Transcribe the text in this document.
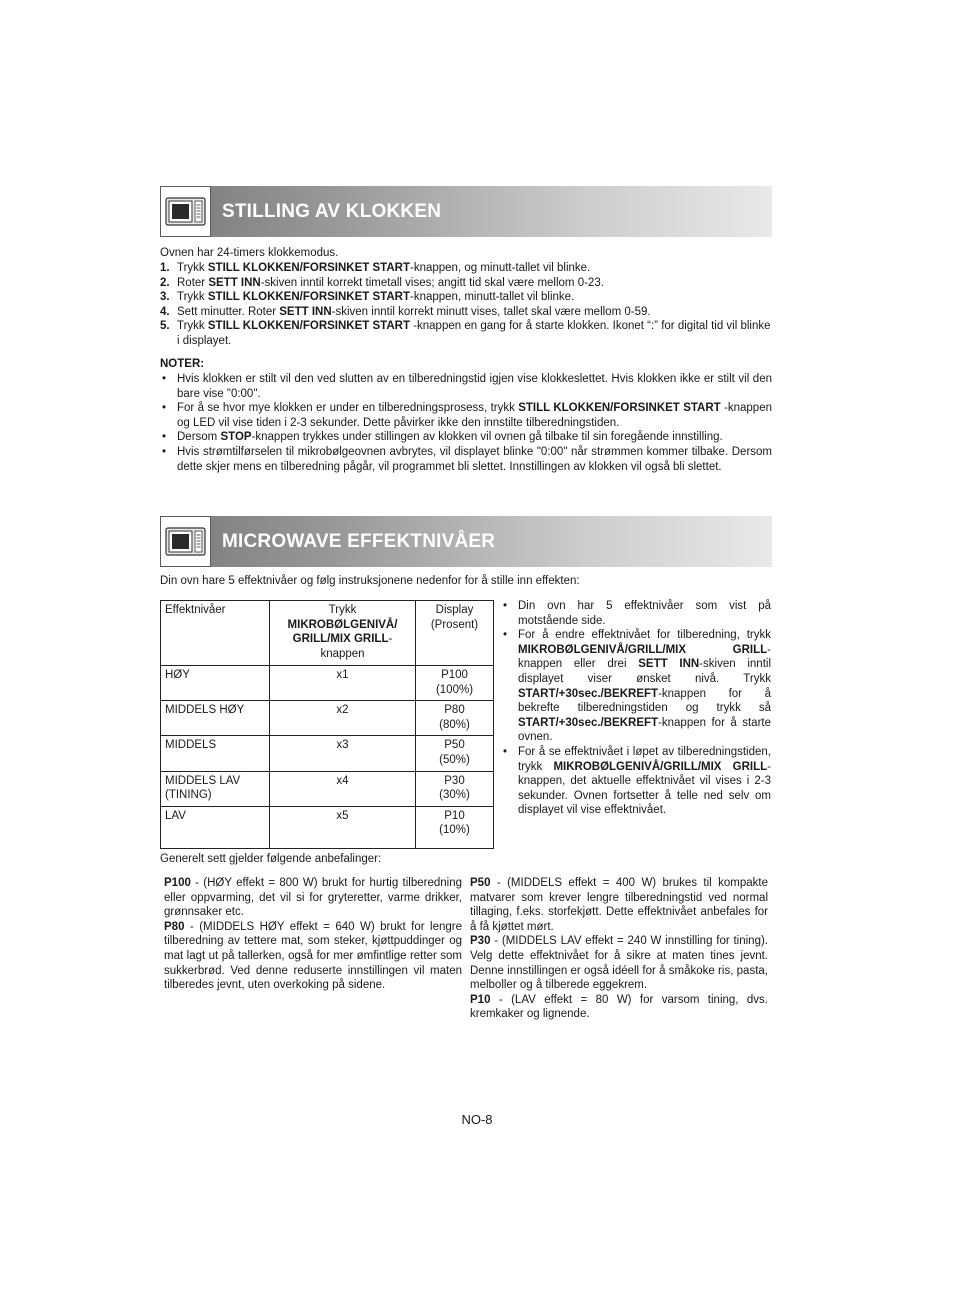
STILLING AV KLOKKEN
Ovnen har 24-timers klokkemodus.
1. Trykk STILL KLOKKEN/FORSINKET START-knappen, og minutt-tallet vil blinke.
2. Roter SETT INN-skiven inntil korrekt timetall vises; angitt tid skal være mellom 0-23.
3. Trykk STILL KLOKKEN/FORSINKET START-knappen, minutt-tallet vil blinke.
4. Sett minutter. Roter SETT INN-skiven inntil korrekt minutt vises, tallet skal være mellom 0-59.
5. Trykk STILL KLOKKEN/FORSINKET START -knappen en gang for å starte klokken. Ikonet “:” for digital tid vil blinke i displayet.
NOTER:
• Hvis klokken er stilt vil den ved slutten av en tilberedningstid igjen vise klokkeslettet. Hvis klokken ikke er stilt vil den bare vise "0:00".
• For å se hvor mye klokken er under en tilberedningsprosess, trykk STILL KLOKKEN/FORSINKET START -knappen og LED vil vise tiden i 2-3 sekunder. Dette påvirker ikke den innstilte tilberedningstiden.
• Dersom STOP-knappen trykkes under stillingen av klokken vil ovnen gå tilbake til sin foregående innstilling.
• Hvis strømtilførselen til mikrobølgeovnen avbrytes, vil displayet blinke "0:00" når strømmen kommer tilbake. Dersom dette skjer mens en tilberedning pågår, vil programmet bli slettet. Innstillingen av klokken vil også bli slettet.
MICROWAVE EFFEKTNIVÅER
Din ovn hare 5 effektnivåer og følg instruksjonene nedenfor for å stille inn effekten:
Effektnivåer	Trykk
MIKROBØLGENIVÅ/ GRILL/MIX GRILL-
knappen	Display (Prosent)
HØY	x1	P100
(100%)
MIDDELS HØY	x2	P80
(80%)
MIDDELS	x3	P50
(50%)
MIDDELS LAV
(TINING)	x4	P30
(30%)
LAV	x5	P10
(10%)
• Din ovn har 5 effektnivåer som vist på motstående side.
• For å endre effektnivået for tilberedning, trykk MIKROBØLGENIVÅ/GRILL/MIX GRILL-knappen eller drei SETT INN-skiven inntil displayet viser ønsket nivå. Trykk START/+30sec./BEKREFT-knappen for å bekrefte tilberedningstiden og trykk så START/+30sec./BEKREFT-knappen for å starte ovnen.
• For å se effektnivået i løpet av tilberedningstiden, trykk MIKROBØLGENIVÅ/GRILL/MIX GRILL-knappen, det aktuelle effektnivået vil vises i 2-3 sekunder. Ovnen fortsetter å telle ned selv om displayet vil vise effektnivået.
Generelt sett gjelder følgende anbefalinger:
P100 - (HØY effekt = 800 W) brukt for hurtig tilberedning eller oppvarming, det vil si for gryteretter, varme drikker, grønnsaker etc.
P80 - (MIDDELS HØY effekt = 640 W) brukt for lengre tilberedning av tettere mat, som steker, kjøttpuddinger og mat lagt ut på tallerken, også for mer ømfintlige retter som sukkerbrød. Ved denne reduserte innstillingen vil maten tilberedes jevnt, uten overkoking på sidene.
P50 - (MIDDELS effekt = 400 W) brukes til kompakte matvarer som krever lengre tilberedningstid ved normal tillaging, f.eks. storfekjøtt. Dette effektnivået anbefales for å få kjøttet mørt.
P30 - (MIDDELS LAV effekt = 240 W innstilling for tining). Velg dette effektnivået for å sikre at maten tines jevnt. Denne innstillingen er også idéell for å småkoke ris, pasta, melboller og å tilberede eggekrem.
P10 - (LAV effekt = 80 W) for varsom tining, dvs. kremkaker og lignende.
NO-8
